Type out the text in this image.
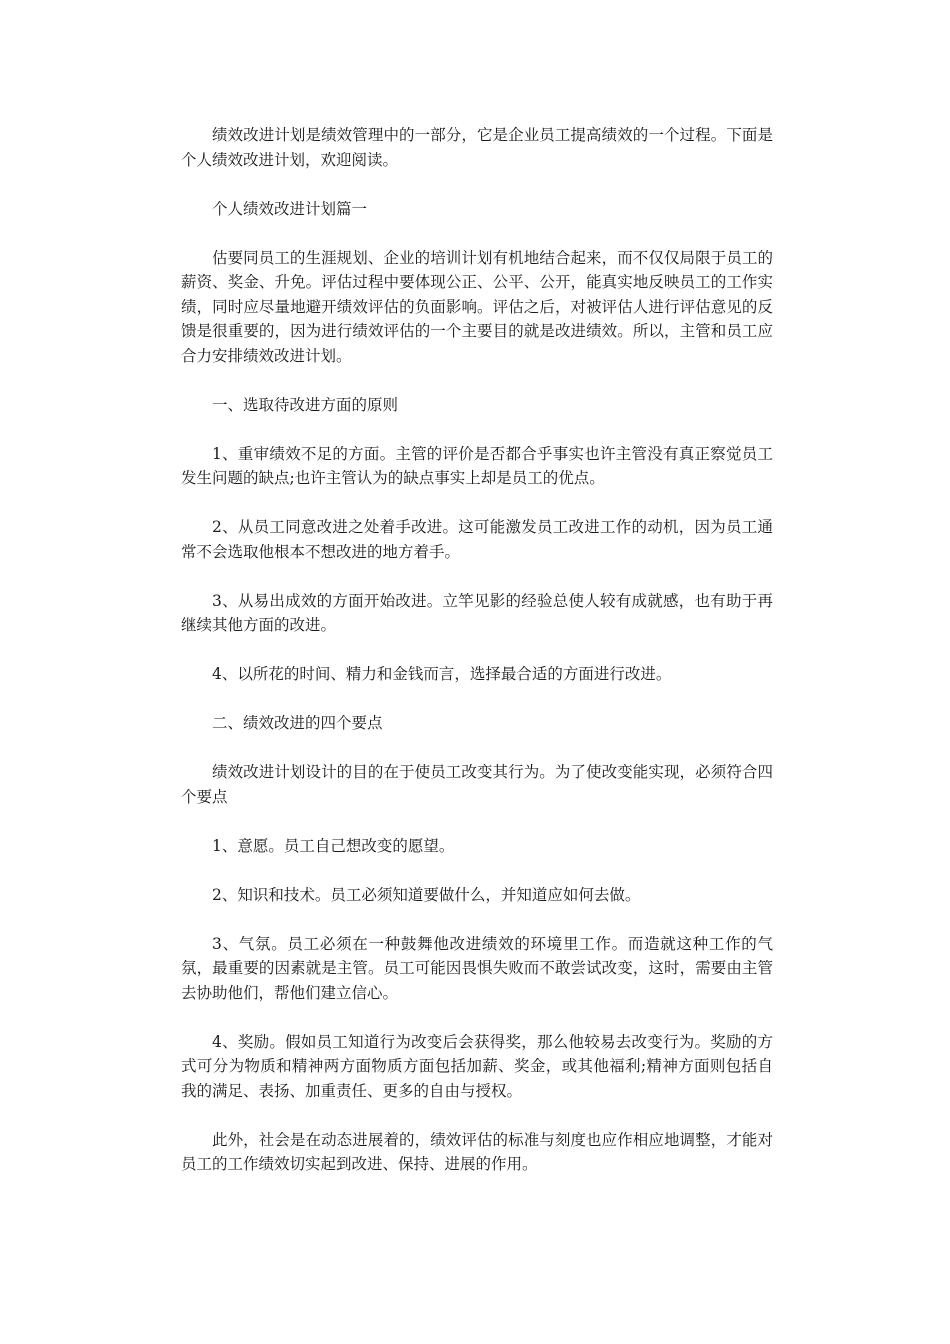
绩效改进计划是绩效管理中的一部分，它是企业员工提高绩效的一个过程。下面是个人绩效改进计划，欢迎阅读。

个人绩效改进计划篇一

估要同员工的生涯规划、企业的培训计划有机地结合起来，而不仅仅局限于员工的薪资、奖金、升免。评估过程中要体现公正、公平、公开，能真实地反映员工的工作实绩，同时应尽量地避开绩效评估的负面影响。评估之后，对被评估人进行评估意见的反馈是很重要的，因为进行绩效评估的一个主要目的就是改进绩效。所以，主管和员工应合力安排绩效改进计划。

一、选取待改进方面的原则

1、重审绩效不足的方面。主管的评价是否都合乎事实也许主管没有真正察觉员工发生问题的缺点;也许主管认为的缺点事实上却是员工的优点。

2、从员工同意改进之处着手改进。这可能激发员工改进工作的动机，因为员工通常不会选取他根本不想改进的地方着手。

3、从易出成效的方面开始改进。立竿见影的经验总使人较有成就感，也有助于再继续其他方面的改进。

4、以所花的时间、精力和金钱而言，选择最合适的方面进行改进。

二、绩效改进的四个要点

绩效改进计划设计的目的在于使员工改变其行为。为了使改变能实现，必须符合四个要点

1、意愿。员工自己想改变的愿望。

2、知识和技术。员工必须知道要做什么，并知道应如何去做。

3、气氛。员工必须在一种鼓舞他改进绩效的环境里工作。而造就这种工作的气氛，最重要的因素就是主管。员工可能因畏惧失败而不敢尝试改变，这时，需要由主管去协助他们，帮他们建立信心。

4、奖励。假如员工知道行为改变后会获得奖，那么他较易去改变行为。奖励的方式可分为物质和精神两方面物质方面包括加薪、奖金，或其他福利;精神方面则包括自我的满足、表扬、加重责任、更多的自由与授权。

此外，社会是在动态进展着的，绩效评估的标准与刻度也应作相应地调整，才能对员工的工作绩效切实起到改进、保持、进展的作用。
